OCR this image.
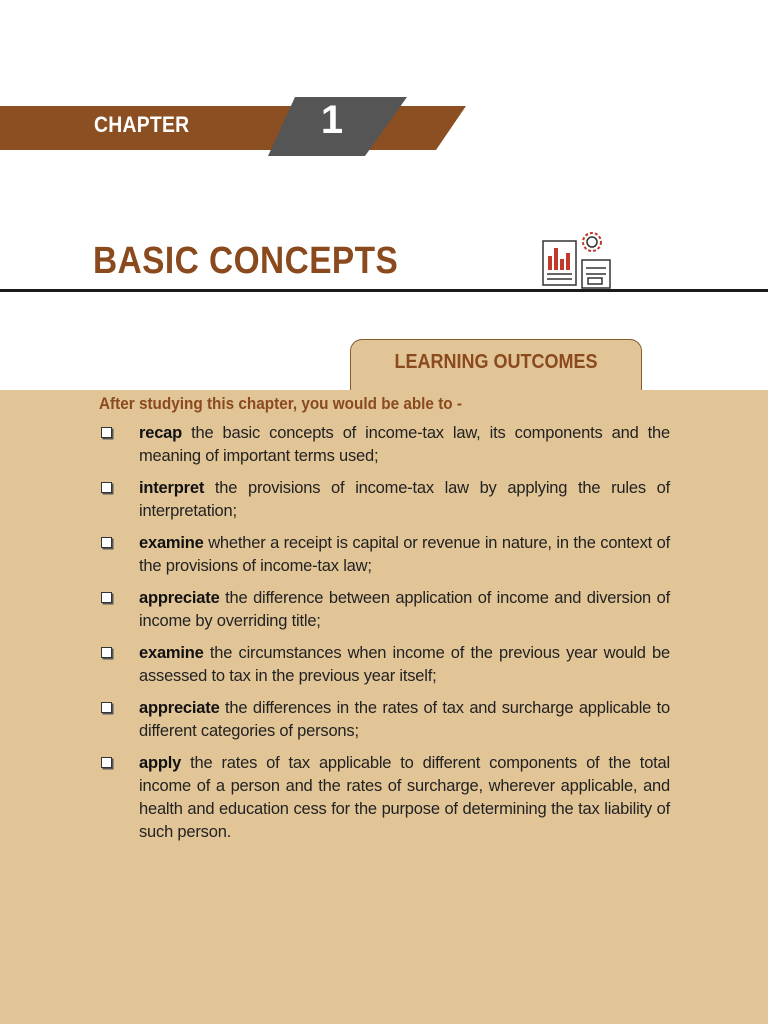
CHAPTER	1
BASIC CONCEPTS
LEARNING OUTCOMES
After studying this chapter, you would be able to -
recap the basic concepts of income-tax law, its components and the meaning of important terms used;
interpret the provisions of income-tax law by applying the rules of interpretation;
examine whether a receipt is capital or revenue in nature, in the context of the provisions of income-tax law;
appreciate the difference between application of income and diversion of income by overriding title;
examine the circumstances when income of the previous year would be assessed to tax in the previous year itself;
appreciate the differences in the rates of tax and surcharge applicable to different categories of persons;
apply the rates of tax applicable to different components of the total income of a person and the rates of surcharge, wherever applicable, and health and education cess for the purpose of determining the tax liability of such person.
